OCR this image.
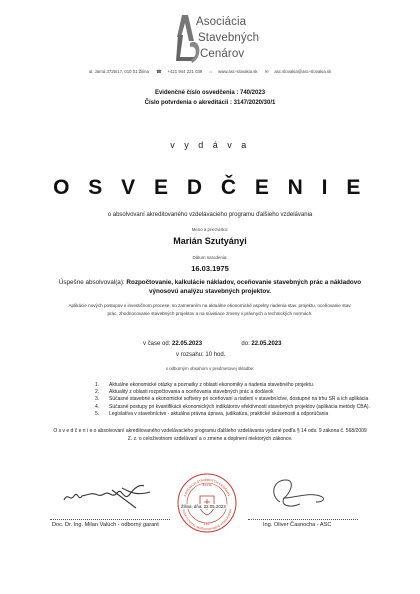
Asociácia
Stavebných
Cenárov
ul. Jarná 3725/17, 010 01 Žilina ☎ +421 944 221 039 ⌂ www.asc-slovakia.sk ✉ asc.slovakia@asc-slovakia.sk
Evidenčné číslo osvedčenia : 740/2023
Číslo potvrdenia o akreditácii : 3147/2020/30/1
v y d á v a
O S V E D Č E N I E
o absolvovaní akreditovaného vzdelávacieho programu ďalšieho vzdelávania
Meno a priezvisko:
Marián Szutyányi
Dátum narodenia:
16.03.1975
Úspešne absolvoval(a): Rozpočtovanie, kalkulácie nákladov, oceňovanie stavebných prác a nákladovo
výnosovú analýzu stavebných projektov.
Aplikácie nových postupov v investičnom procese, so zameraním na aktuálne ekonomické aspekty riadenia stav. projektu, oceňovanie stav.
prác, zhodnocovanie stavebných projektov a na súvisiace zmeny v právnych a technických normách.
v čase od: 22.05.2023	do: 22.05.2023
v rozsahu: 10 hod.
s odborným obsahom v predmetovej skladbe:
1.	Aktuálne ekonomické otázky a poznatky z oblasti ekonomiky a riadenia stavebného projektu.
2.	Aktuality z oblasti rozpočtovania a oceňovania stavebných prác a dodávok
3.	Súčasné stavebné a ekonomické softvéry pri oceňovaní a riadení v stavebníctve, dostupné na trhu SR a ich aplikácia
4.	Súčasné postupy pri kvantifikácii ekonomických indikátorov efektívnosti stavebných projektov (aplikácia metódy CBA).
5.	Legislatíva v stavebníctve - aktuálna právna úprava, judikatúra, praktické skúsenosti a odporúčania
O s v e d č e n i e o absolvovaní akreditovaného vzdelávacieho programu ďalšieho vzdelávania vydané podľa § 14 ods. 9 zákona č. 568/2009
Z. z. o celoživotnom vzdelávaní a o zmene a doplnení niektorých zákonov.
ASOCIÁCIA STAVEBNÝCH CENÁROV
ŽILINA
POSKYTOVATEĽ AKREDITOVANÉHO VZDELÁVANIA
3147
Žilina, dňa: 22.05.2023
Doc. Dr. Ing. Milan Valúch - odborný garant	Ing. Oliver Časnocha - ASC
